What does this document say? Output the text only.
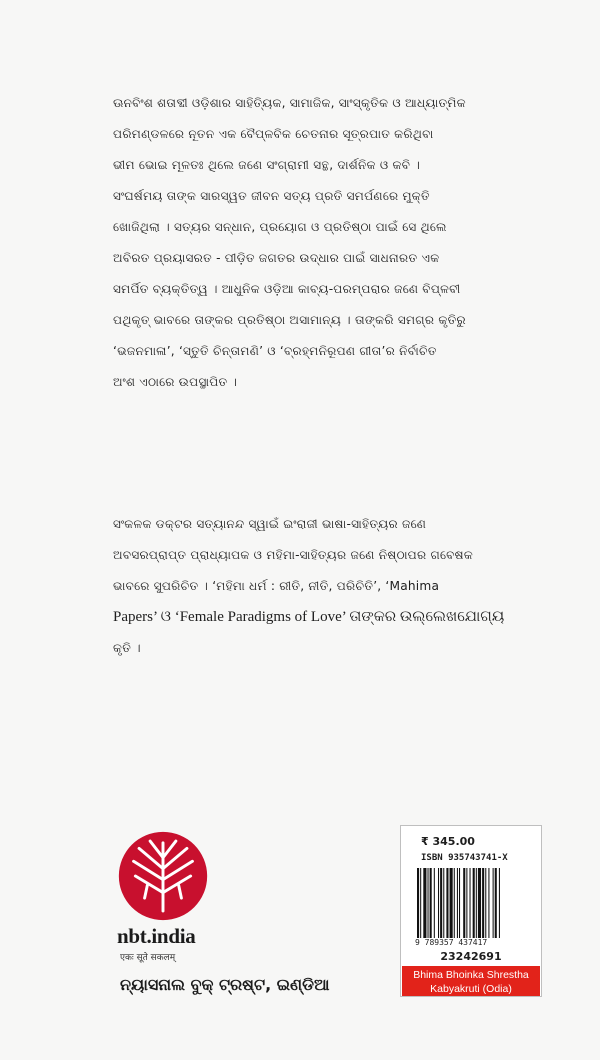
ଊନବିଂଶ ଶତାବ୍ଦୀ ଓଡ଼ିଶାର ସାହିତ୍ୟିକ, ସାମାଜିକ, ସାଂସ୍କୃତିକ ଓ ଆଧ୍ୟାତ୍ମିକ
ପରିମଣ୍ଡଳରେ ନୂତନ ଏକ ବୈପ୍ଳବିକ ଚେତନାର ସୂତ୍ରପାତ କରିଥିବା
ଭୀମ ଭୋଇ ମୂଳତଃ ଥିଲେ ଜଣେ ସଂଗ୍ରାମୀ ସନ୍ଥ, ଦାର୍ଶନିକ ଓ କବି ।
ସଂଘର୍ଷମୟ ତାଙ୍କ ସାରସ୍ୱତ ଜୀବନ ସତ୍ୟ ପ୍ରତି ସମର୍ପଣରେ ମୁକ୍ତି
ଖୋଜିଥିଲା । ସତ୍ୟର ସନ୍ଧାନ, ପ୍ରୟୋଗ ଓ ପ୍ରତିଷ୍ଠା ପାଇଁ ସେ ଥିଲେ
ଅବିରତ ପ୍ରୟାସରତ - ପୀଡ଼ିତ ଜଗତର ଉଦ୍ଧାର ପାଇଁ ସାଧନାରତ ଏକ
ସମର୍ପିତ ବ୍ୟକ୍ତିତ୍ୱ । ଆଧୁନିକ ଓଡ଼ିଆ କାବ୍ୟ-ପରମ୍ପରାର ଜଣେ ବିପ୍ଳବୀ
ପଥିକୃତ୍ ଭାବରେ ତାଙ୍କର ପ୍ରତିଷ୍ଠା ଅସାମାନ୍ୟ । ତାଙ୍କରି ସମଗ୍ର କୃତିରୁ
‘ଭଜନମାଳା’, ‘ସ୍ତୁତି ଚିନ୍ତାମଣି’ ଓ ‘ବ୍ରହ୍ମନିରୂପଣ ଗୀତା’ର ନିର୍ବାଚିତ
ଅଂଶ ଏଠାରେ ଉପସ୍ଥାପିତ ।
ସଂକଳକ ଡକ୍ଟର ସତ୍ୟାନନ୍ଦ ସ୍ୱାଇଁ ଇଂରାଜୀ ଭାଷା-ସାହିତ୍ୟର ଜଣେ
ଅବସରପ୍ରାପ୍ତ ପ୍ରାଧ୍ୟାପକ ଓ ମହିମା-ସାହିତ୍ୟର ଜଣେ ନିଷ୍ଠାପର ଗବେଷକ
ଭାବରେ ସୁପରିଚିତ । ‘ମହିମା ଧର୍ମ : ରୀତି, ନୀତି, ପରିଚିତି’, ‘Mahima
Papers’ ଓ ‘Female Paradigms of Love’ ତାଙ୍କର ଉଲ୍ଲେଖଯୋଗ୍ୟ
କୃତି ।
nbt.india
एकः सूते सकलम्
ନ୍ୟାସନାଲ ବୁକ୍ ଟ୍ରଷ୍ଟ, ଇଣ୍ଡିଆ
₹ 345.00
ISBN 935743741-X
9 789357 437417
23242691
Bhima Bhoinka Shrestha
Kabyakruti (Odia)
